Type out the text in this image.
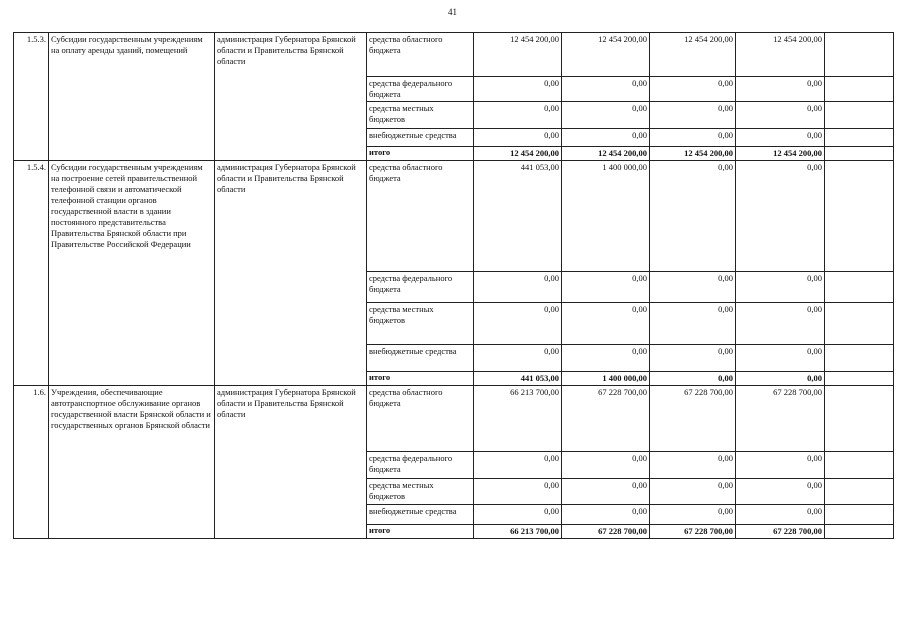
41
1.5.3.	Субсидии государственным учреждениям на оплату аренды зданий, помещений	администрация Губернатора Брянской области и Правительства Брянской области	средства областного бюджета	12 454 200,00	12 454 200,00	12 454 200,00	12 454 200,00	
			средства федерального бюджета	0,00	0,00	0,00	0,00	
			средства местных бюджетов	0,00	0,00	0,00	0,00	

			внебюджетные средства	0,00	0,00	0,00	0,00	
			итого	12 454 200,00	12 454 200,00	12 454 200,00	12 454 200,00	
1.5.4.	Субсидии государственным учреждениям на построение сетей правительственной телефонной связи и автоматической телефонной станции органов государственной власти в здании постоянного представительства Правительства Брянской области при Правительстве Российской Федерации	администрация Губернатора Брянской области и Правительства Брянской области	средства областного бюджета	441 053,00	1 400 000,00	0,00	0,00	
			средства федерального бюджета	0,00	0,00	0,00	0,00	
			средства местных бюджетов	0,00	0,00	0,00	0,00	
			внебюджетные средства	0,00	0,00	0,00	0,00	
			итого	441 053,00	1 400 000,00	0,00	0,00	
1.6.	Учреждения, обеспечивающие автотранспортное обслуживание органов государственной власти Брянской области и государственных органов Брянской области	администрация Губернатора Брянской области и Правительства Брянской области	средства областного бюджета	66 213 700,00	67 228 700,00	67 228 700,00	67 228 700,00	
			средства федерального бюджета	0,00	0,00	0,00	0,00	
			средства местных бюджетов	0,00	0,00	0,00	0,00	
			внебюджетные средства	0,00	0,00	0,00	0,00	
			итого	66 213 700,00	67 228 700,00	67 228 700,00	67 228 700,00	
